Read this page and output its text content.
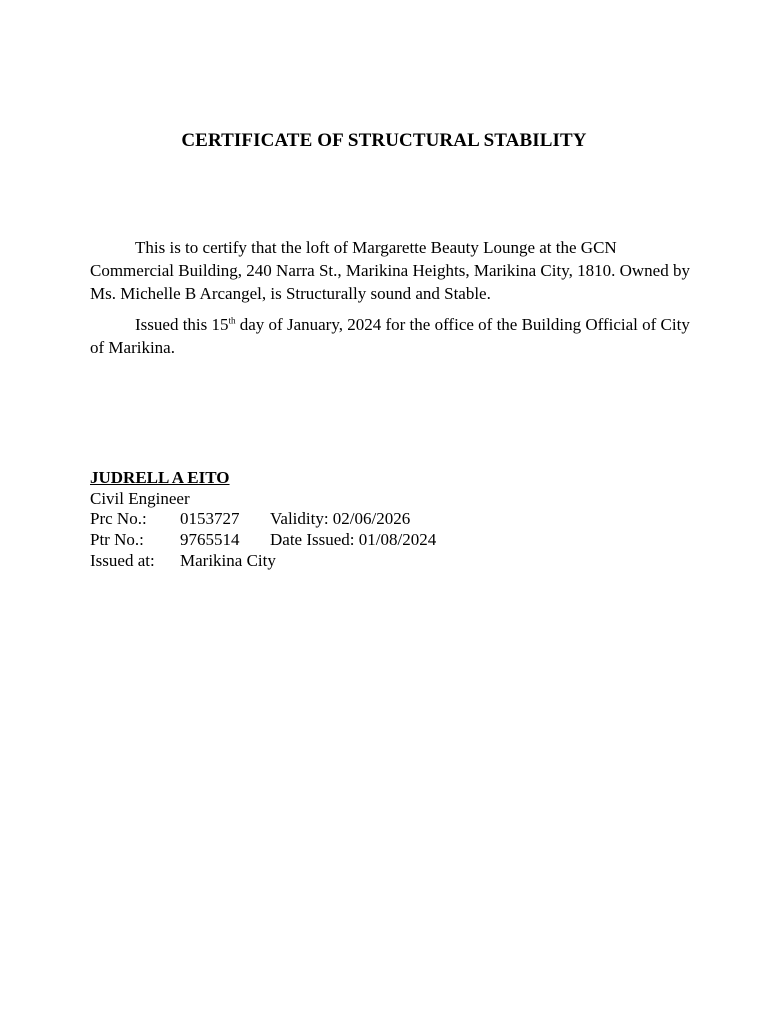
CERTIFICATE OF STRUCTURAL STABILITY

This is to certify that the loft of Margarette Beauty Lounge at the GCN Commercial Building, 240 Narra St., Marikina Heights, Marikina City, 1810. Owned by Ms. Michelle B Arcangel, is Structurally sound and Stable.

Issued this 15th day of January, 2024 for the office of the Building Official of City of Marikina.

JUDRELL A EITO
Civil Engineer
Prc No.:	0153727	Validity: 02/06/2026
Ptr No.:	9765514	Date Issued: 01/08/2024
Issued at:	Marikina City
